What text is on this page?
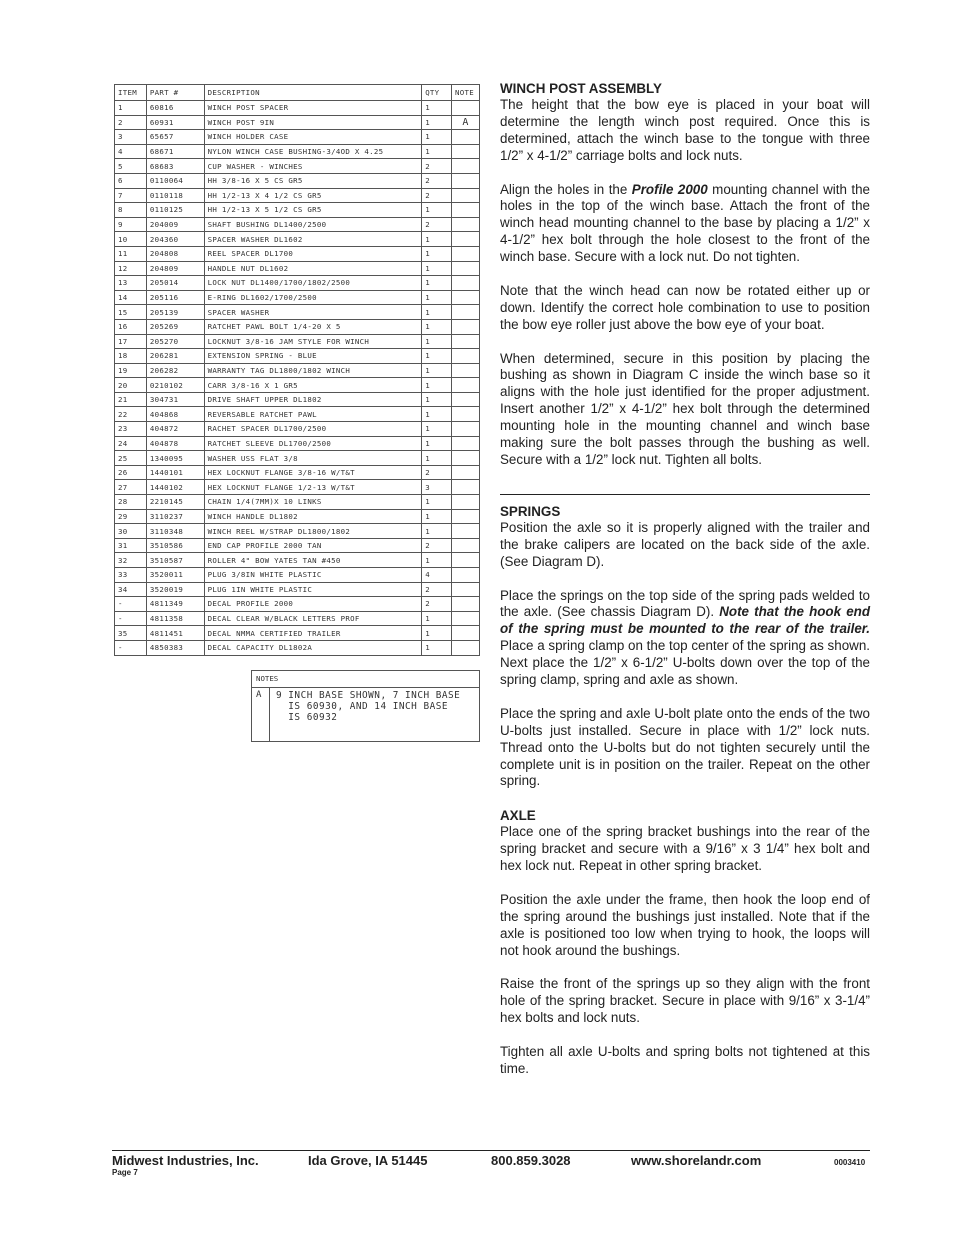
ITEM	PART #	DESCRIPTION	QTY	NOTE
1	60816	WINCH POST SPACER	1	
2	60931	WINCH POST 9IN	1	A
3	65657	WINCH HOLDER CASE	1	
4	68671	NYLON WINCH CASE BUSHING-3/4OD X 4.25	1	
5	68683	CUP WASHER - WINCHES	2	
6	0110064	HH 3/8-16 X 5 CS GR5	2	
7	0110118	HH 1/2-13 X 4 1/2 CS GR5	2	
8	0110125	HH 1/2-13 X 5 1/2 CS GR5	1	
9	204009	SHAFT BUSHING DL1400/2500	2	
10	204360	SPACER WASHER DL1602	1	
11	204808	REEL SPACER DL1700	1	
12	204809	HANDLE NUT DL1602	1	
13	205014	LOCK NUT DL1400/1700/1802/2500	1	
14	205116	E-RING DL1602/1700/2500	1	
15	205139	SPACER WASHER	1	
16	205269	RATCHET PAWL BOLT 1/4-20 X 5	1	
17	205270	LOCKNUT 3/8-16 JAM STYLE FOR WINCH	1	
18	206281	EXTENSION SPRING - BLUE	1	
19	206282	WARRANTY TAG DL1800/1802 WINCH	1	
20	0210102	CARR 3/8-16 X 1 GR5	1	
21	304731	DRIVE SHAFT UPPER DL1802	1	
22	404868	REVERSABLE RATCHET PAWL	1	
23	404872	RACHET SPACER DL1700/2500	1	
24	404878	RATCHET SLEEVE DL1700/2500	1	
25	1340095	WASHER USS FLAT 3/8	1	
26	1440101	HEX LOCKNUT FLANGE 3/8-16 W/T&T	2	
27	1440102	HEX LOCKNUT FLANGE 1/2-13 W/T&T	3	
28	2210145	CHAIN 1/4(7MM)X 10 LINKS	1	
29	3110237	WINCH HANDLE DL1802	1	
30	3110348	WINCH REEL W/STRAP DL1800/1802	1	
31	3510586	END CAP PROFILE 2000 TAN	2	
32	3510587	ROLLER 4" BOW YATES TAN #450	1	
33	3520011	PLUG 3/8IN WHITE PLASTIC	4	
34	3520019	PLUG 1IN WHITE PLASTIC	2	
-	4811349	DECAL PROFILE 2000	2	
-	4811358	DECAL CLEAR W/BLACK LETTERS PROF	1	
35	4811451	DECAL NMMA CERTIFIED TRAILER	1	
-	4850383	DECAL CAPACITY DL1802A	1	
NOTES
A	9 INCH BASE SHOWN, 7 INCH BASE
IS 60930, AND 14 INCH BASE
IS 60932
WINCH POST ASSEMBLY

The height that the bow eye is placed in your boat will determine the length winch post required. Once this is determined, attach the winch base to the tongue with three 1/2” x 4-1/2” carriage bolts and lock nuts.

Align the holes in the Profile 2000 mounting channel with the holes in the top of the winch base. Attach the front of the winch head mounting channel to the base by placing a 1/2” x 4-1/2” hex bolt through the hole closest to the front of the winch base. Secure with a lock nut. Do not tighten.

Note that the winch head can now be rotated either up or down. Identify the correct hole combination to use to position the bow eye roller just above the bow eye of your boat.

When determined, secure in this position by placing the bushing as shown in Diagram C inside the winch base so it aligns with the hole just identified for the proper adjustment. Insert another 1/2” x 4-1/2” hex bolt through the determined mounting hole in the mounting channel and winch base making sure the bolt passes through the bushing as well. Secure with a 1/2” lock nut. Tighten all bolts.

SPRINGS

Position the axle so it is properly aligned with the trailer and the brake calipers are located on the back side of the axle. (See Diagram D).

Place the springs on the top side of the spring pads welded to the axle. (See chassis Diagram D). Note that the hook end of the spring must be mounted to the rear of the trailer. Place a spring clamp on the top center of the spring as shown. Next place the 1/2” x 6-1/2” U-bolts down over the top of the spring clamp, spring and axle as shown.

Place the spring and axle U-bolt plate onto the ends of the two U-bolts just installed. Secure in place with 1/2” lock nuts. Thread onto the U-bolts but do not tighten securely until the complete unit is in position on the trailer. Repeat on the other spring.

AXLE

Place one of the spring bracket bushings into the rear of the spring bracket and secure with a 9/16” x 3 1/4” hex bolt and hex lock nut. Repeat in other spring bracket.

Position the axle under the frame, then hook the loop end of the spring around the bushings just installed. Note that if the axle is positioned too low when trying to hook, the loops will not hook around the bushings.

Raise the front of the springs up so they align with the front hole of the spring bracket. Secure in place with 9/16” x 3-1/4” hex bolts and lock nuts.

Tighten all axle U-bolts and spring bolts not tightened at this time.

Midwest Industries, Inc.	Ida Grove, IA 51445	800.859.3028	www.shorelandr.com	0003410
Page 7
